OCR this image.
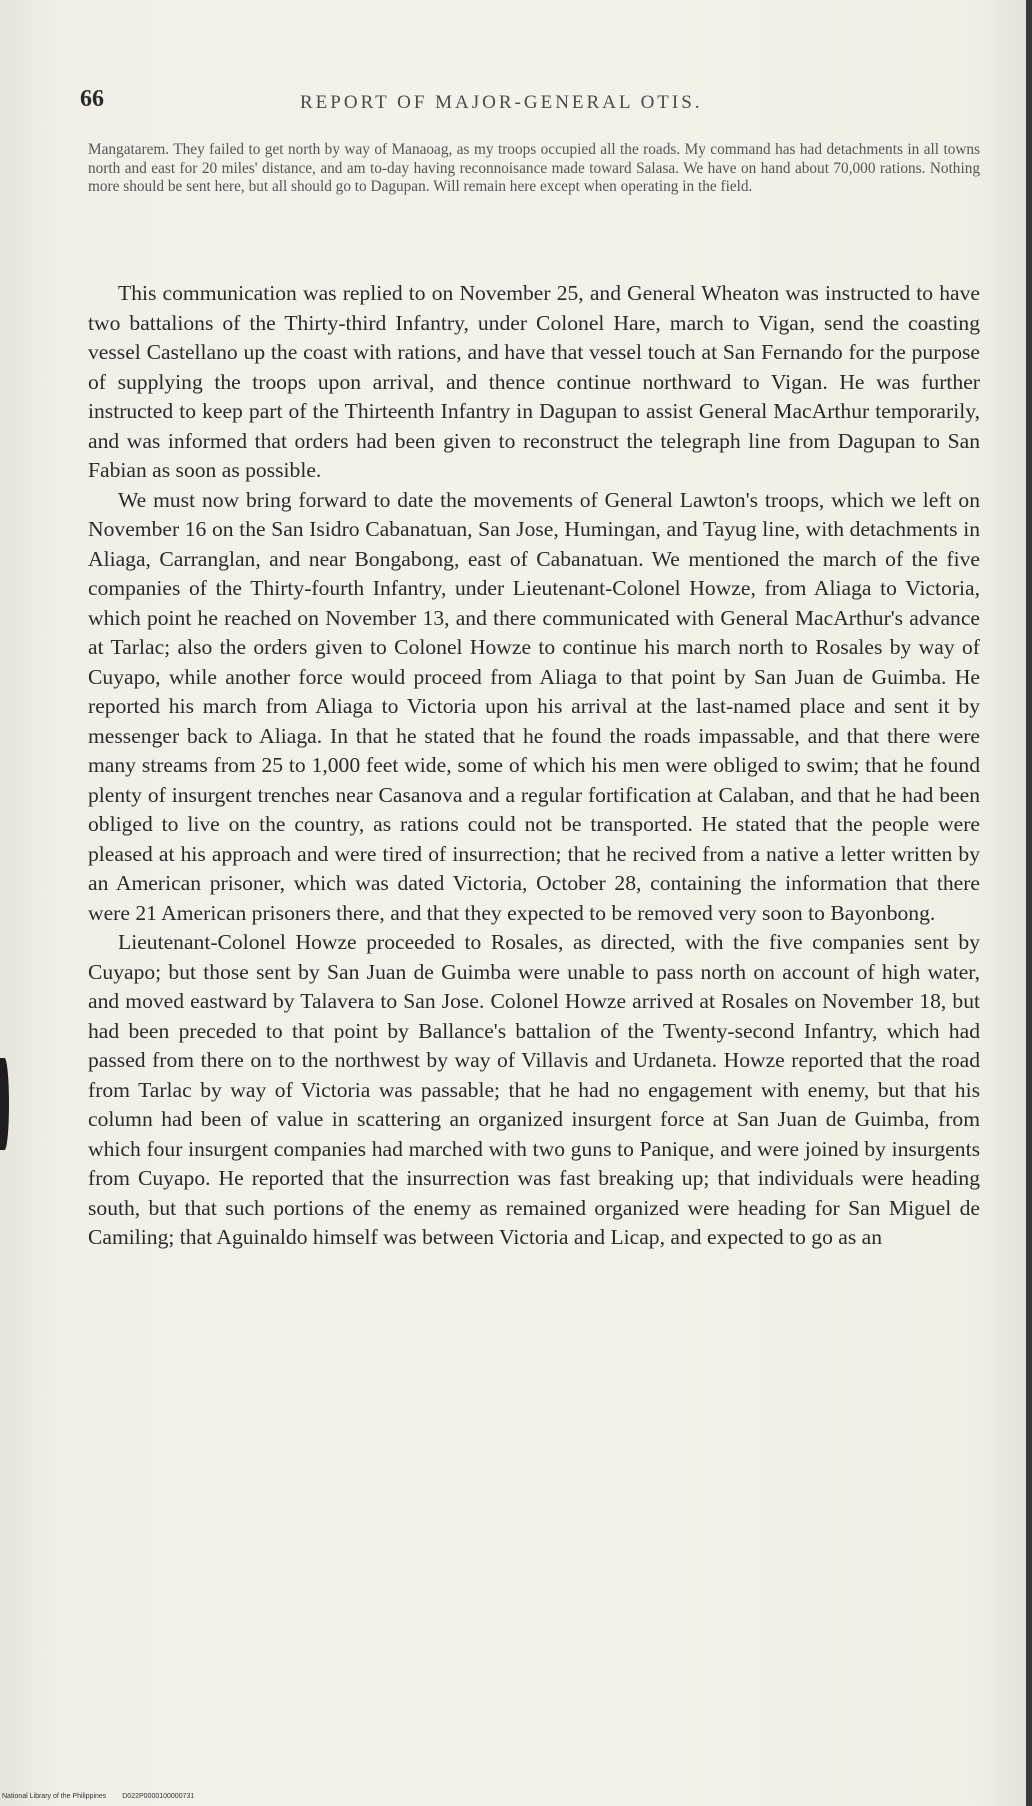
66	REPORT OF MAJOR-GENERAL OTIS.
Mangatarem. They failed to get north by way of Manaoag, as my troops occupied all the roads. My command has had detachments in all towns north and east for 20 miles' distance, and am to-day having reconnoisance made toward Salasa. We have on hand about 70,000 rations. Nothing more should be sent here, but all should go to Dagupan. Will remain here except when operating in the field.

This communication was replied to on November 25, and General Wheaton was instructed to have two battalions of the Thirty-third Infantry, under Colonel Hare, march to Vigan, send the coasting vessel Castellano up the coast with rations, and have that vessel touch at San Fernando for the purpose of supplying the troops upon arrival, and thence continue northward to Vigan. He was further instructed to keep part of the Thirteenth Infantry in Dagupan to assist General MacArthur temporarily, and was informed that orders had been given to reconstruct the telegraph line from Dagupan to San Fabian as soon as possible.

We must now bring forward to date the movements of General Lawton's troops, which we left on November 16 on the San Isidro Cabanatuan, San Jose, Humingan, and Tayug line, with detachments in Aliaga, Carranglan, and near Bongabong, east of Cabanatuan. We mentioned the march of the five companies of the Thirty-fourth Infantry, under Lieutenant-Colonel Howze, from Aliaga to Victoria, which point he reached on November 13, and there communicated with General MacArthur's advance at Tarlac; also the orders given to Colonel Howze to continue his march north to Rosales by way of Cuyapo, while another force would proceed from Aliaga to that point by San Juan de Guimba. He reported his march from Aliaga to Victoria upon his arrival at the last-named place and sent it by messenger back to Aliaga. In that he stated that he found the roads impassable, and that there were many streams from 25 to 1,000 feet wide, some of which his men were obliged to swim; that he found plenty of insurgent trenches near Casanova and a regular fortification at Calaban, and that he had been obliged to live on the country, as rations could not be transported. He stated that the people were pleased at his approach and were tired of insurrection; that he recived from a native a letter written by an American prisoner, which was dated Victoria, October 28, containing the information that there were 21 American prisoners there, and that they expected to be removed very soon to Bayonbong.

Lieutenant-Colonel Howze proceeded to Rosales, as directed, with the five companies sent by Cuyapo; but those sent by San Juan de Guimba were unable to pass north on account of high water, and moved eastward by Talavera to San Jose. Colonel Howze arrived at Rosales on November 18, but had been preceded to that point by Ballance's battalion of the Twenty-second Infantry, which had passed from there on to the northwest by way of Villavis and Urdaneta. Howze reported that the road from Tarlac by way of Victoria was passable; that he had no engagement with enemy, but that his column had been of value in scattering an organized insurgent force at San Juan de Guimba, from which four insurgent companies had marched with two guns to Panique, and were joined by insurgents from Cuyapo. He reported that the insurrection was fast breaking up; that individuals were heading south, but that such portions of the enemy as remained organized were heading for San Miguel de Camiling; that Aguinaldo himself was between Victoria and Licap, and expected to go as an

National Library of the Philippines D022P0000100000731
